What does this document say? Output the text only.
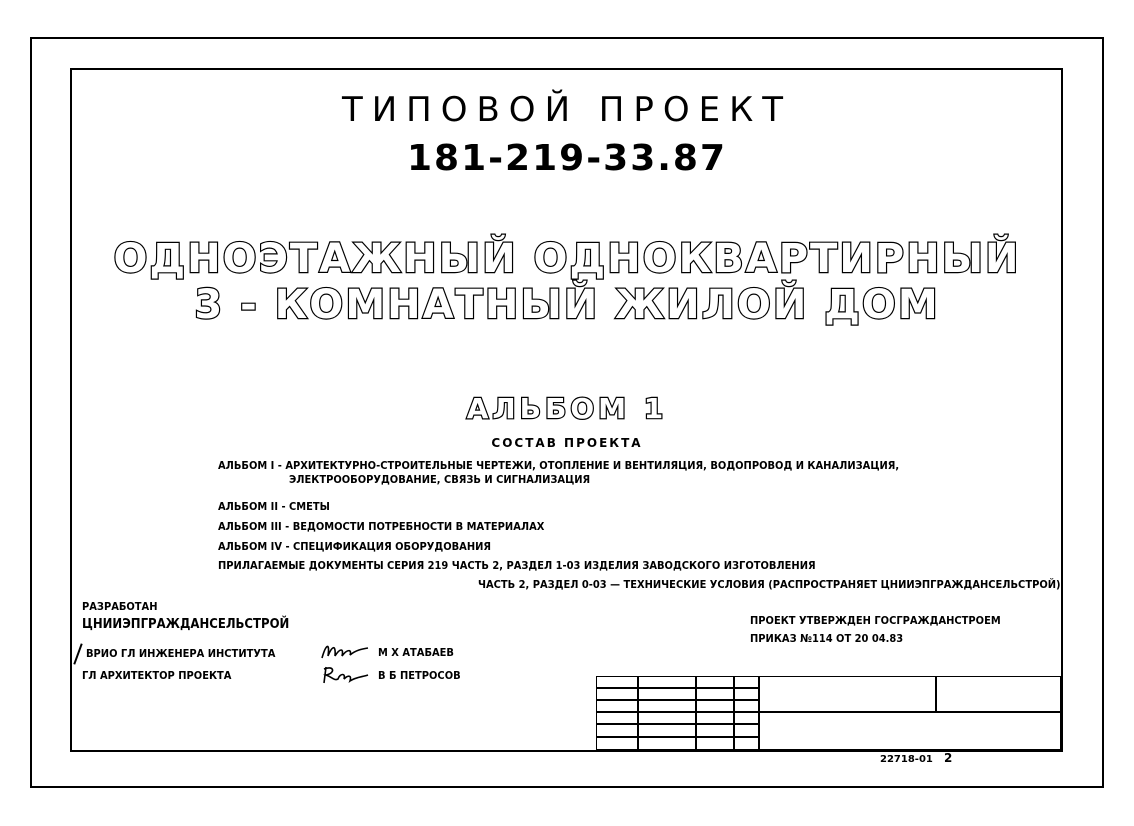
ТИПОВОЙ ПРОЕКТ
181-219-33.87
ОДНОЭТАЖНЫЙ ОДНОКВАРТИРНЫЙ
3 - КОМНАТНЫЙ ЖИЛОЙ ДОМ
АЛЬБОМ 1
СОСТАВ ПРОЕКТА
АЛЬБОМ I - АРХИТЕКТУРНО-СТРОИТЕЛЬНЫЕ ЧЕРТЕЖИ, ОТОПЛЕНИЕ И ВЕНТИЛЯЦИЯ, ВОДОПРОВОД И КАНАЛИЗАЦИЯ,
ЭЛЕКТРООБОРУДОВАНИЕ, СВЯЗЬ И СИГНАЛИЗАЦИЯ
АЛЬБОМ II - СМЕТЫ
АЛЬБОМ III - ВЕДОМОСТИ ПОТРЕБНОСТИ В МАТЕРИАЛАХ
АЛЬБОМ IV - СПЕЦИФИКАЦИЯ ОБОРУДОВАНИЯ
ПРИЛАГАЕМЫЕ ДОКУМЕНТЫ СЕРИЯ 219 ЧАСТЬ 2, РАЗДЕЛ 1-03 ИЗДЕЛИЯ ЗАВОДСКОГО ИЗГОТОВЛЕНИЯ
ЧАСТЬ 2, РАЗДЕЛ 0-03 — ТЕХНИЧЕСКИЕ УСЛОВИЯ (РАСПРОСТРАНЯЕТ ЦНИИЭПГРАЖДАНСЕЛЬСТРОЙ)
РАЗРАБОТАН
ЦНИИЭПГРАЖДАНСЕЛЬСТРОЙ
ВРИО ГЛ ИНЖЕНЕРА ИНСТИТУТА
ГЛ АРХИТЕКТОР ПРОЕКТА
М Х АТАБАЕВ
В Б ПЕТРОСОВ
ПРОЕКТ УТВЕРЖДЕН ГОСГРАЖДАНСТРОЕМ
ПРИКАЗ №114 ОТ 20 04.83
22718-01 2
